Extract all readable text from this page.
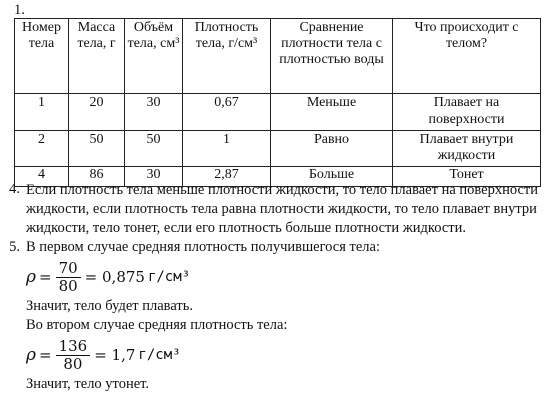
1.
Номер тела	Масса тела, г	Объём тела, см³	Плотность тела, г/см³	Сравнение плотности тела с плотностью воды	Что происходит с телом?
1	20	30	0,67	Меньше	Плавает на поверхности
2	50	50	1	Равно	Плавает внутри жидкости
4	86	30	2,87	Больше	Тонет
4. Если плотность тела меньше плотности жидкости, то тело плавает на поверхности жидкости, если плотность тела равна плотности жидкости, то тело плавает внутри жидкости, тело тонет, если его плотность больше плотности жидкости.
5. В первом случае средняя плотность получившегося тела:
$\rho = \frac{70}{80} = 0,875$ г/см³
Значит, тело будет плавать.
Во втором случае средняя плотность тела:
$\rho = \frac{136}{80} = 1,7$ г/см³
Значит, тело утонет.
